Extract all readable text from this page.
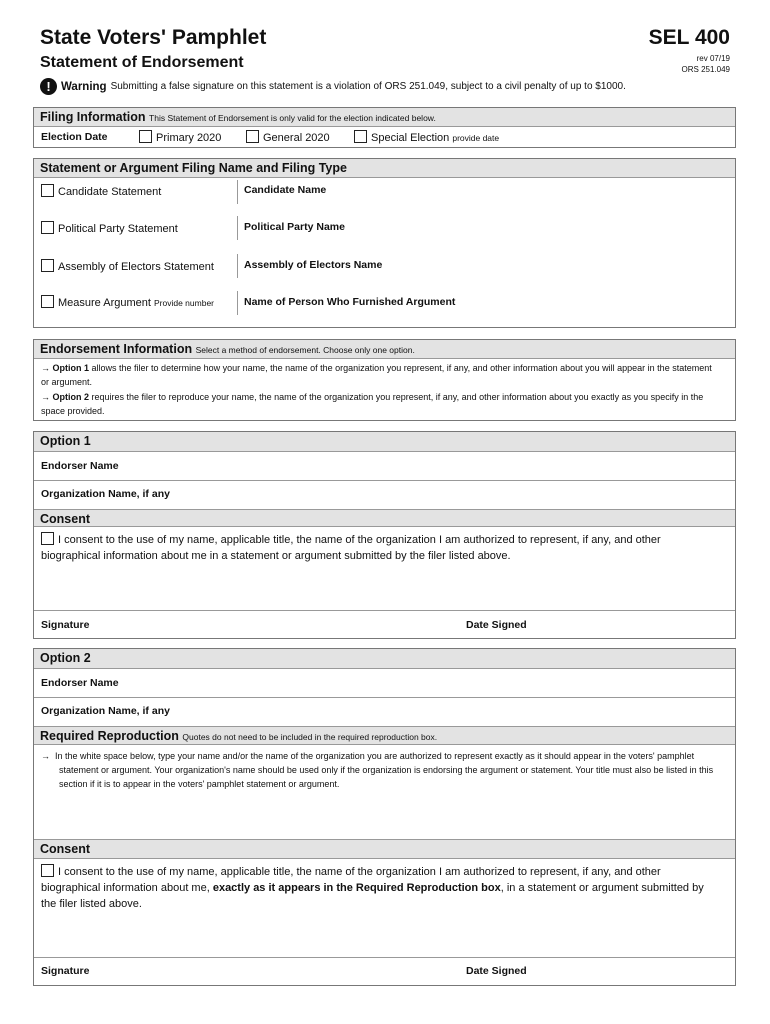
State Voters' Pamphlet
Statement of Endorsement
SEL 400
rev 07/19
ORS 251.049
! Warning Submitting a false signature on this statement is a violation of ORS 251.049, subject to a civil penalty of up to $1000.
Filing Information This Statement of Endorsement is only valid for the election indicated below.
Election Date	Primary 2020	General 2020	Special Election provide date
Statement or Argument Filing Name and Filing Type
Candidate Statement	Candidate Name
Political Party Statement	Political Party Name
Assembly of Electors Statement	Assembly of Electors Name
Measure Argument Provide number	Name of Person Who Furnished Argument
Endorsement Information Select a method of endorsement. Choose only one option.
→ Option 1 allows the filer to determine how your name, the name of the organization you represent, if any, and other information about you will appear in the statement or argument.
→ Option 2 requires the filer to reproduce your name, the name of the organization you represent, if any, and other information about you exactly as you specify in the space provided.
Option 1
Endorser Name
Organization Name, if any
Consent
I consent to the use of my name, applicable title, the name of the organization I am authorized to represent, if any, and other biographical information about me in a statement or argument submitted by the filer listed above.
Signature	Date Signed
Option 2
Endorser Name
Organization Name, if any
Required Reproduction Quotes do not need to be included in the required reproduction box.
→ In the white space below, type your name and/or the name of the organization you are authorized to represent exactly as it should appear in the voters' pamphlet statement or argument. Your organization's name should be used only if the organization is endorsing the argument or statement. Your title must also be listed in this section if it is to appear in the voters' pamphlet statement or argument.
Consent
I consent to the use of my name, applicable title, the name of the organization I am authorized to represent, if any, and other biographical information about me, exactly as it appears in the Required Reproduction box, in a statement or argument submitted by the filer listed above.
Signature	Date Signed
